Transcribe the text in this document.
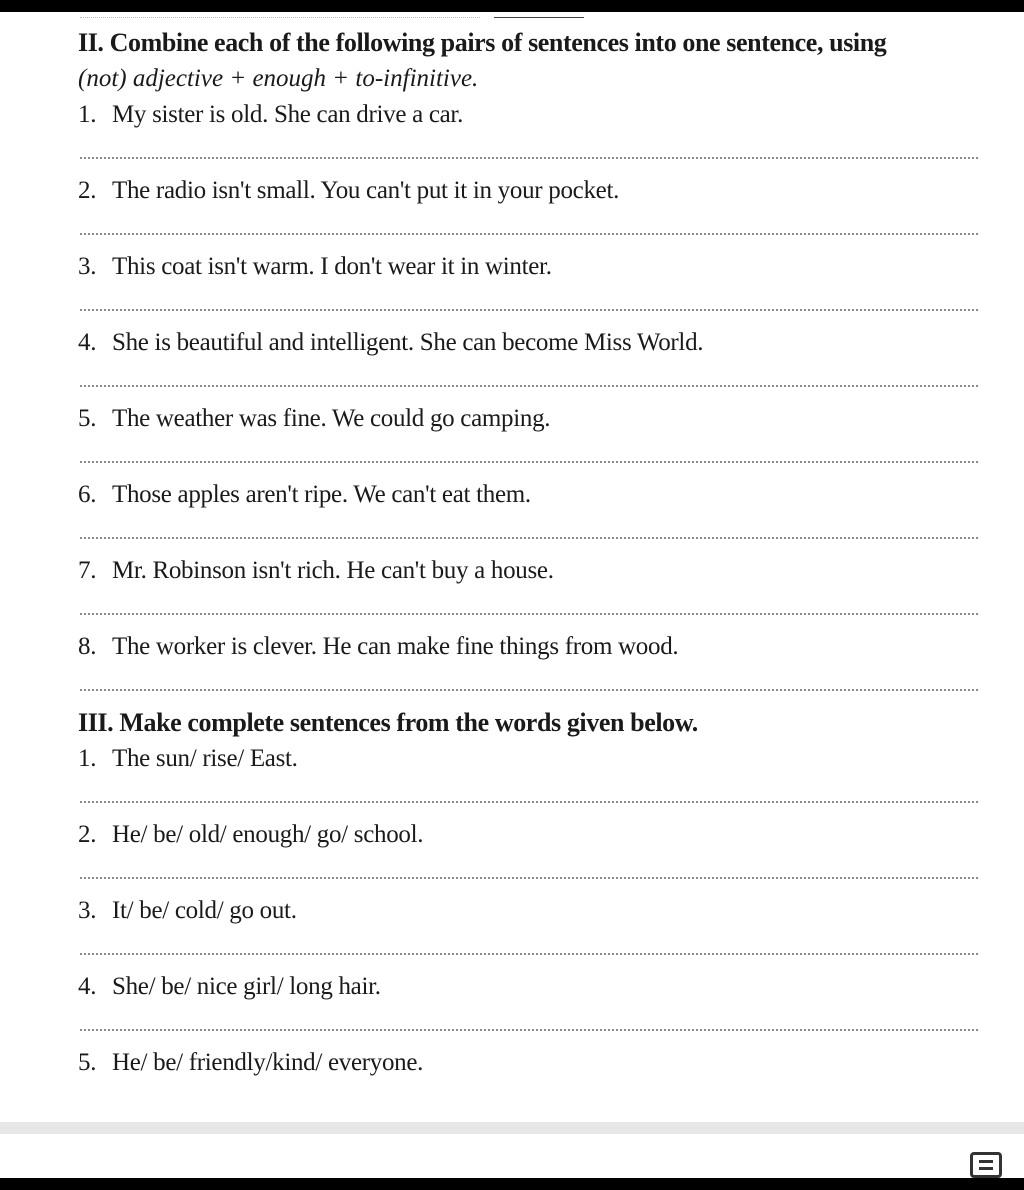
II. Combine each of the following pairs of sentences into one sentence, using
(not) adjective + enough + to-infinitive.
1. My sister is old. She can drive a car.
2. The radio isn't small. You can't put it in your pocket.
3. This coat isn't warm. I don't wear it in winter.
4. She is beautiful and intelligent. She can become Miss World.
5. The weather was fine. We could go camping.
6. Those apples aren't ripe. We can't eat them.
7. Mr. Robinson isn't rich. He can't buy a house.
8. The worker is clever. He can make fine things from wood.
III. Make complete sentences from the words given below.
1. The sun/ rise/ East.
2. He/ be/ old/ enough/ go/ school.
3. It/ be/ cold/ go out.
4. She/ be/ nice girl/ long hair.
5. He/ be/ friendly/kind/ everyone.
